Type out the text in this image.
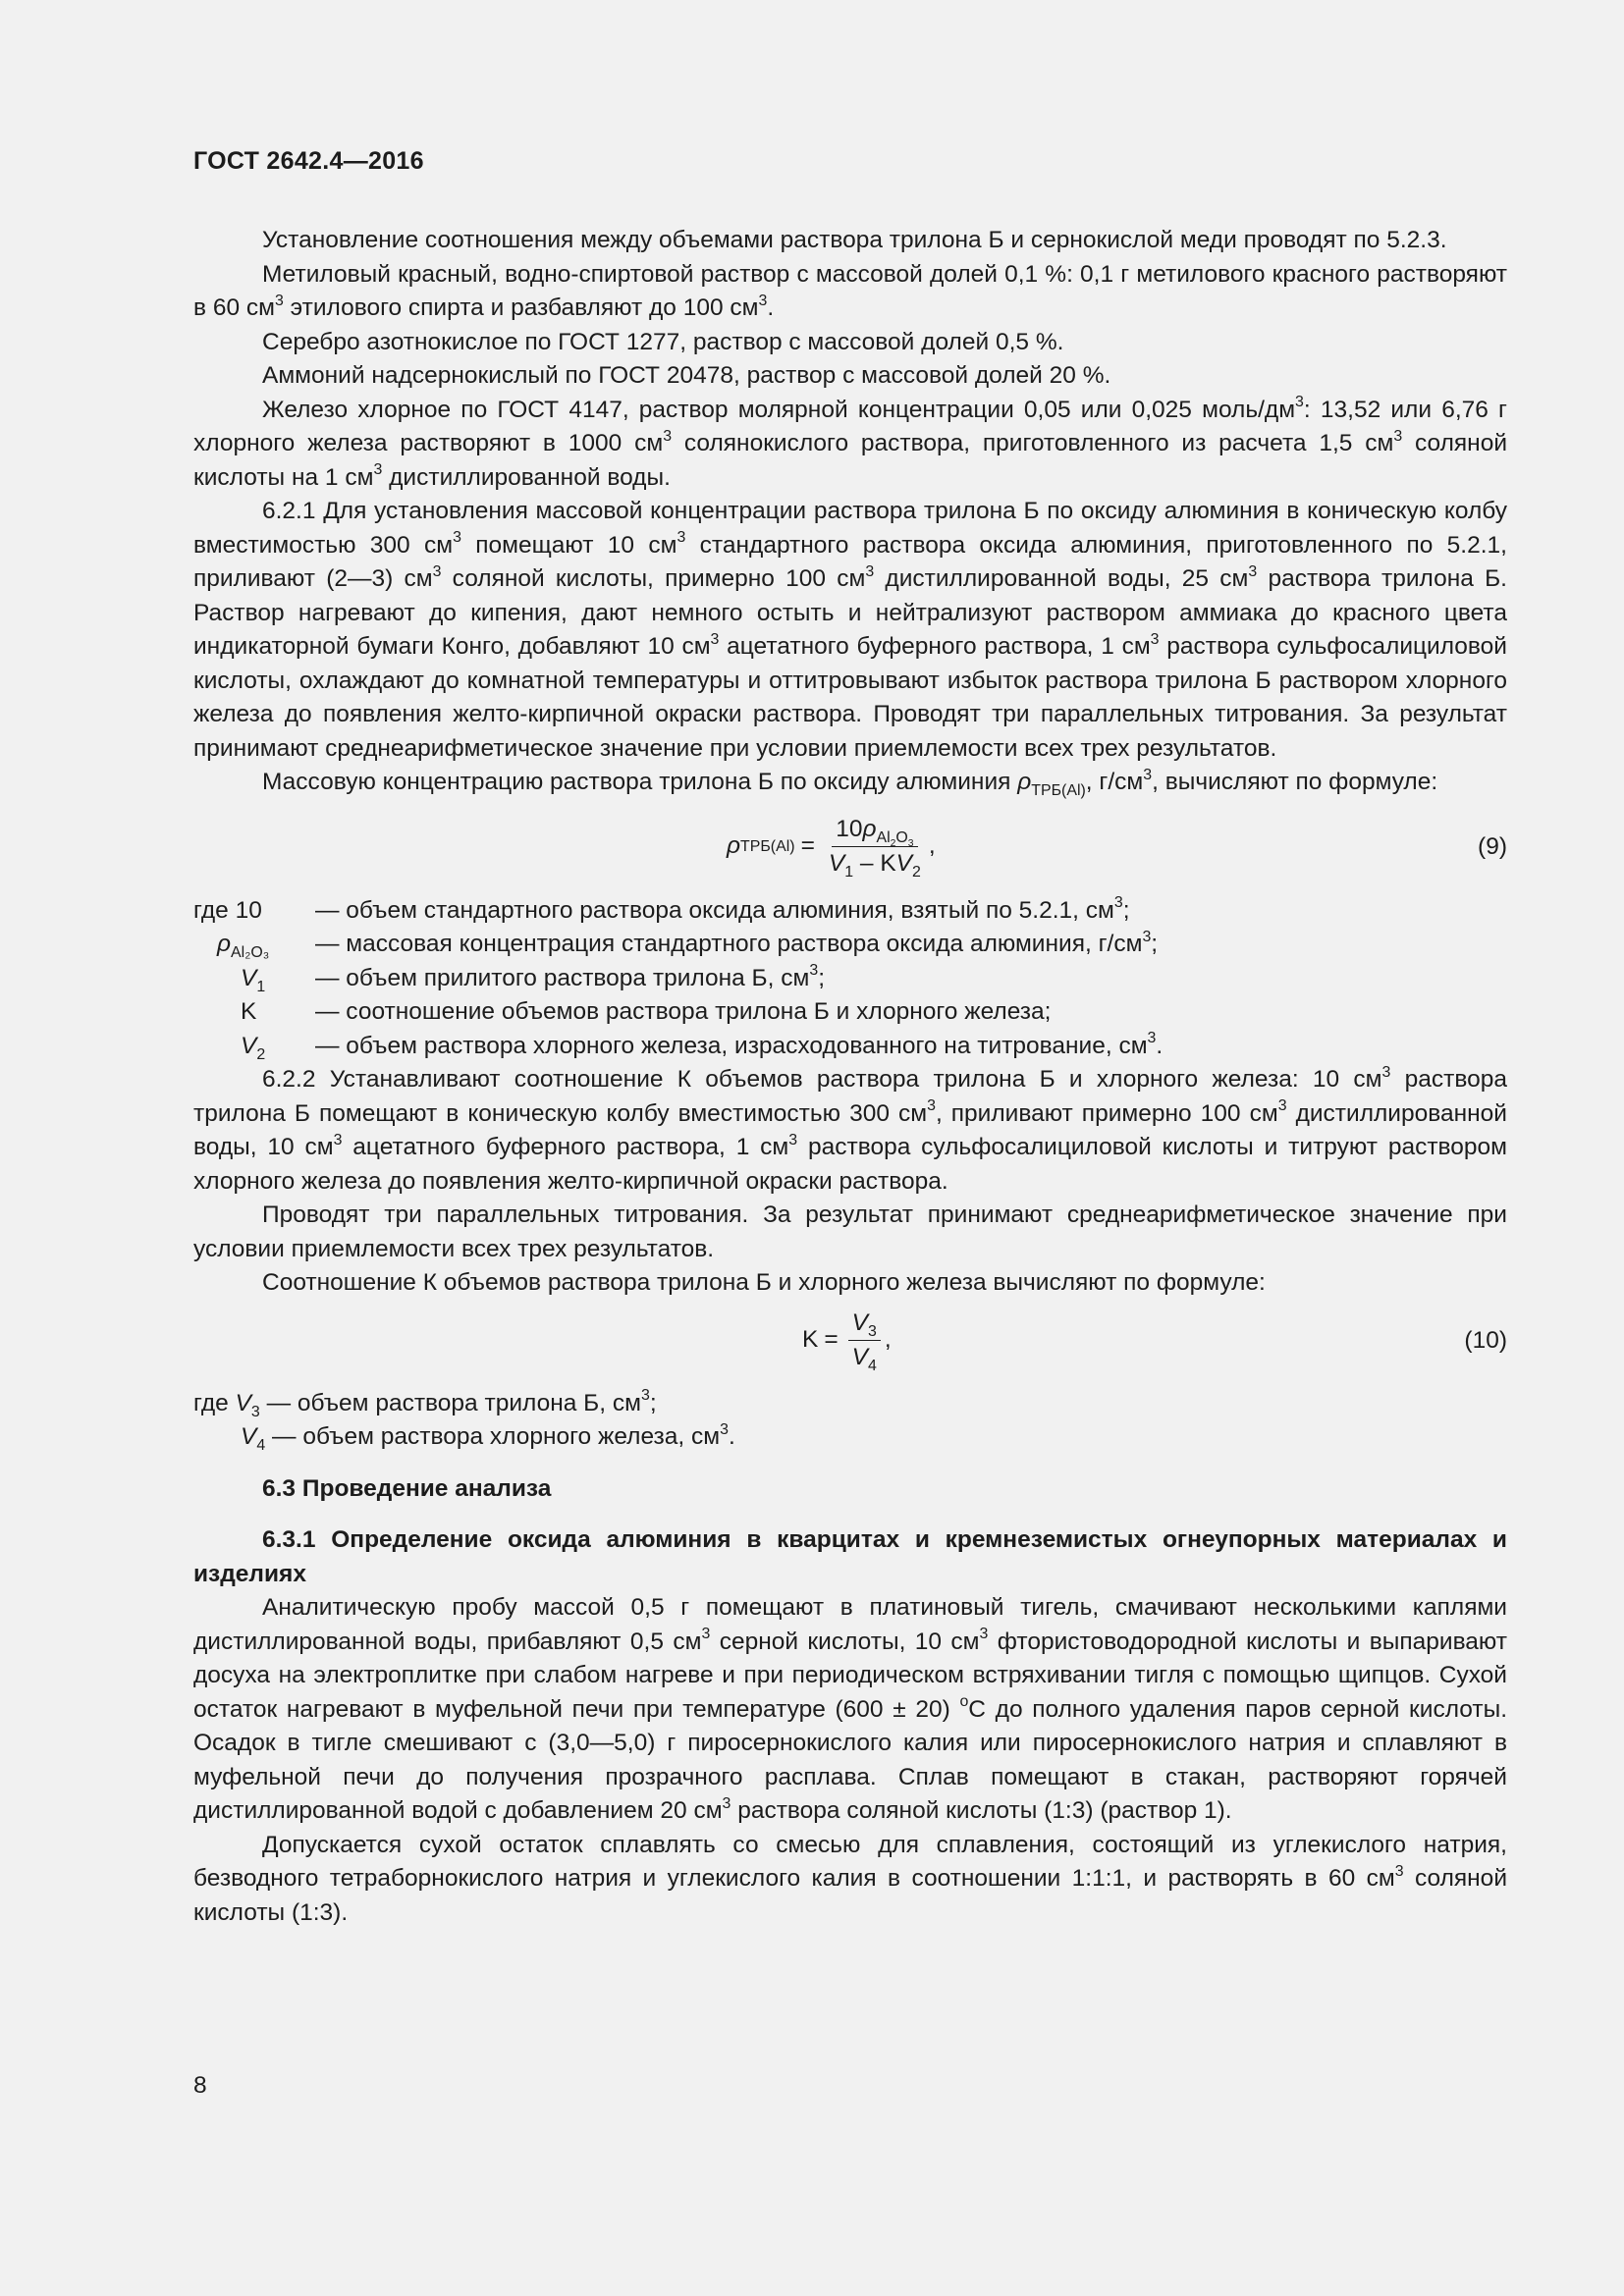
ГОСТ 2642.4—2016

Установление соотношения между объемами раствора трилона Б и сернокислой меди проводят по 5.2.3.

Метиловый красный, водно-спиртовой раствор с массовой долей 0,1 %: 0,1 г метилового красного растворяют в 60 $см^3$ этилового спирта и разбавляют до 100 $см^3$.

Серебро азотнокислое по ГОСТ 1277, раствор с массовой долей 0,5 %.

Аммоний надсернокислый по ГОСТ 20478, раствор с массовой долей 20 %.

Железо хлорное по ГОСТ 4147, раствор молярной концентрации 0,05 или 0,025 моль/$дм^3$: 13,52 или 6,76 г хлорного железа растворяют в 1000 $см^3$ солянокислого раствора, приготовленного из расчета 1,5 $см^3$ соляной кислоты на 1 $см^3$ дистиллированной воды.

6.2.1 Для установления массовой концентрации раствора трилона Б по оксиду алюминия в коническую колбу вместимостью 300 $см^3$ помещают 10 $см^3$ стандартного раствора оксида алюминия, приготовленного по 5.2.1, приливают (2—3) $см^3$ соляной кислоты, примерно 100 $см^3$ дистиллированной воды, 25 $см^3$ раствора трилона Б. Раствор нагревают до кипения, дают немного остыть и нейтрализуют раствором аммиака до красного цвета индикаторной бумаги Конго, добавляют 10 $см^3$ ацетатного буферного раствора, 1 $см^3$ раствора сульфосалициловой кислоты, охлаждают до комнатной температуры и оттитровывают избыток раствора трилона Б раствором хлорного железа до появления желто-кирпичной окраски раствора. Проводят три параллельных титрования. За результат принимают среднеарифметическое значение при условии приемлемости всех трех результатов.

Массовую концентрацию раствора трилона Б по оксиду алюминия $\rho_{ТРБ(Al)}$, $г/см^3$, вычисляют по формуле:

ρ $ТРБ(Al) = \frac{10\rho_{Al_2O_3}}{V_1 - KV_2}$ ,	(9)
где 10	— объем стандартного раствора оксида алюминия, взятый по 5.2.1, $см^3$;
$\rho_{Al_2O_3}$	— массовая концентрация стандартного раствора оксида алюминия, $г/см^3$;
$V_1$	— объем прилитого раствора трилона Б, $см^3$;
K	— соотношение объемов раствора трилона Б и хлорного железа;
$V_2$	— объем раствора хлорного железа, израсходованного на титрование, $см^3$.

6.2.2 Устанавливают соотношение К объемов раствора трилона Б и хлорного железа: 10 $см^3$ раствора трилона Б помещают в коническую колбу вместимостью 300 $см^3$, приливают примерно 100 $см^3$ дистиллированной воды, 10 $см^3$ ацетатного буферного раствора, 1 $см^3$ раствора сульфосалициловой кислоты и титруют раствором хлорного железа до появления желто-кирпичной окраски раствора.

Проводят три параллельных титрования. За результат принимают среднеарифметическое значение при условии приемлемости всех трех результатов.

Соотношение К объемов раствора трилона Б и хлорного железа вычисляют по формуле:

$K = \frac{V_3}{V_4}$ ,	(10)
где $V_3$ — объем раствора трилона Б, $см^3$;
$V_4$ — объем раствора хлорного железа, $см^3$.

6.3 Проведение анализа

6.3.1 Определение оксида алюминия в кварцитах и кремнеземистых огнеупорных материалах и изделиях

Аналитическую пробу массой 0,5 г помещают в платиновый тигель, смачивают несколькими каплями дистиллированной воды, прибавляют 0,5 $см^3$ серной кислоты, 10 $см^3$ фтористоводородной кислоты и выпаривают досуха на электроплитке при слабом нагреве и при периодическом встряхивании тигля с помощью щипцов. Сухой остаток нагревают в муфельной печи при температуре (600 ± 20) $^o$С до полного удаления паров серной кислоты. Осадок в тигле смешивают с (3,0—5,0) г пиросернокислого калия или пиросернокислого натрия и сплавляют в муфельной печи до получения прозрачного расплава. Сплав помещают в стакан, растворяют горячей дистиллированной водой с добавлением 20 $см^3$ раствора соляной кислоты (1:3) (раствор 1).

Допускается сухой остаток сплавлять со смесью для сплавления, состоящий из углекислого натрия, безводного тетраборнокислого натрия и углекислого калия в соотношении 1:1:1, и растворять в 60 $см^3$ соляной кислоты (1:3).

8
